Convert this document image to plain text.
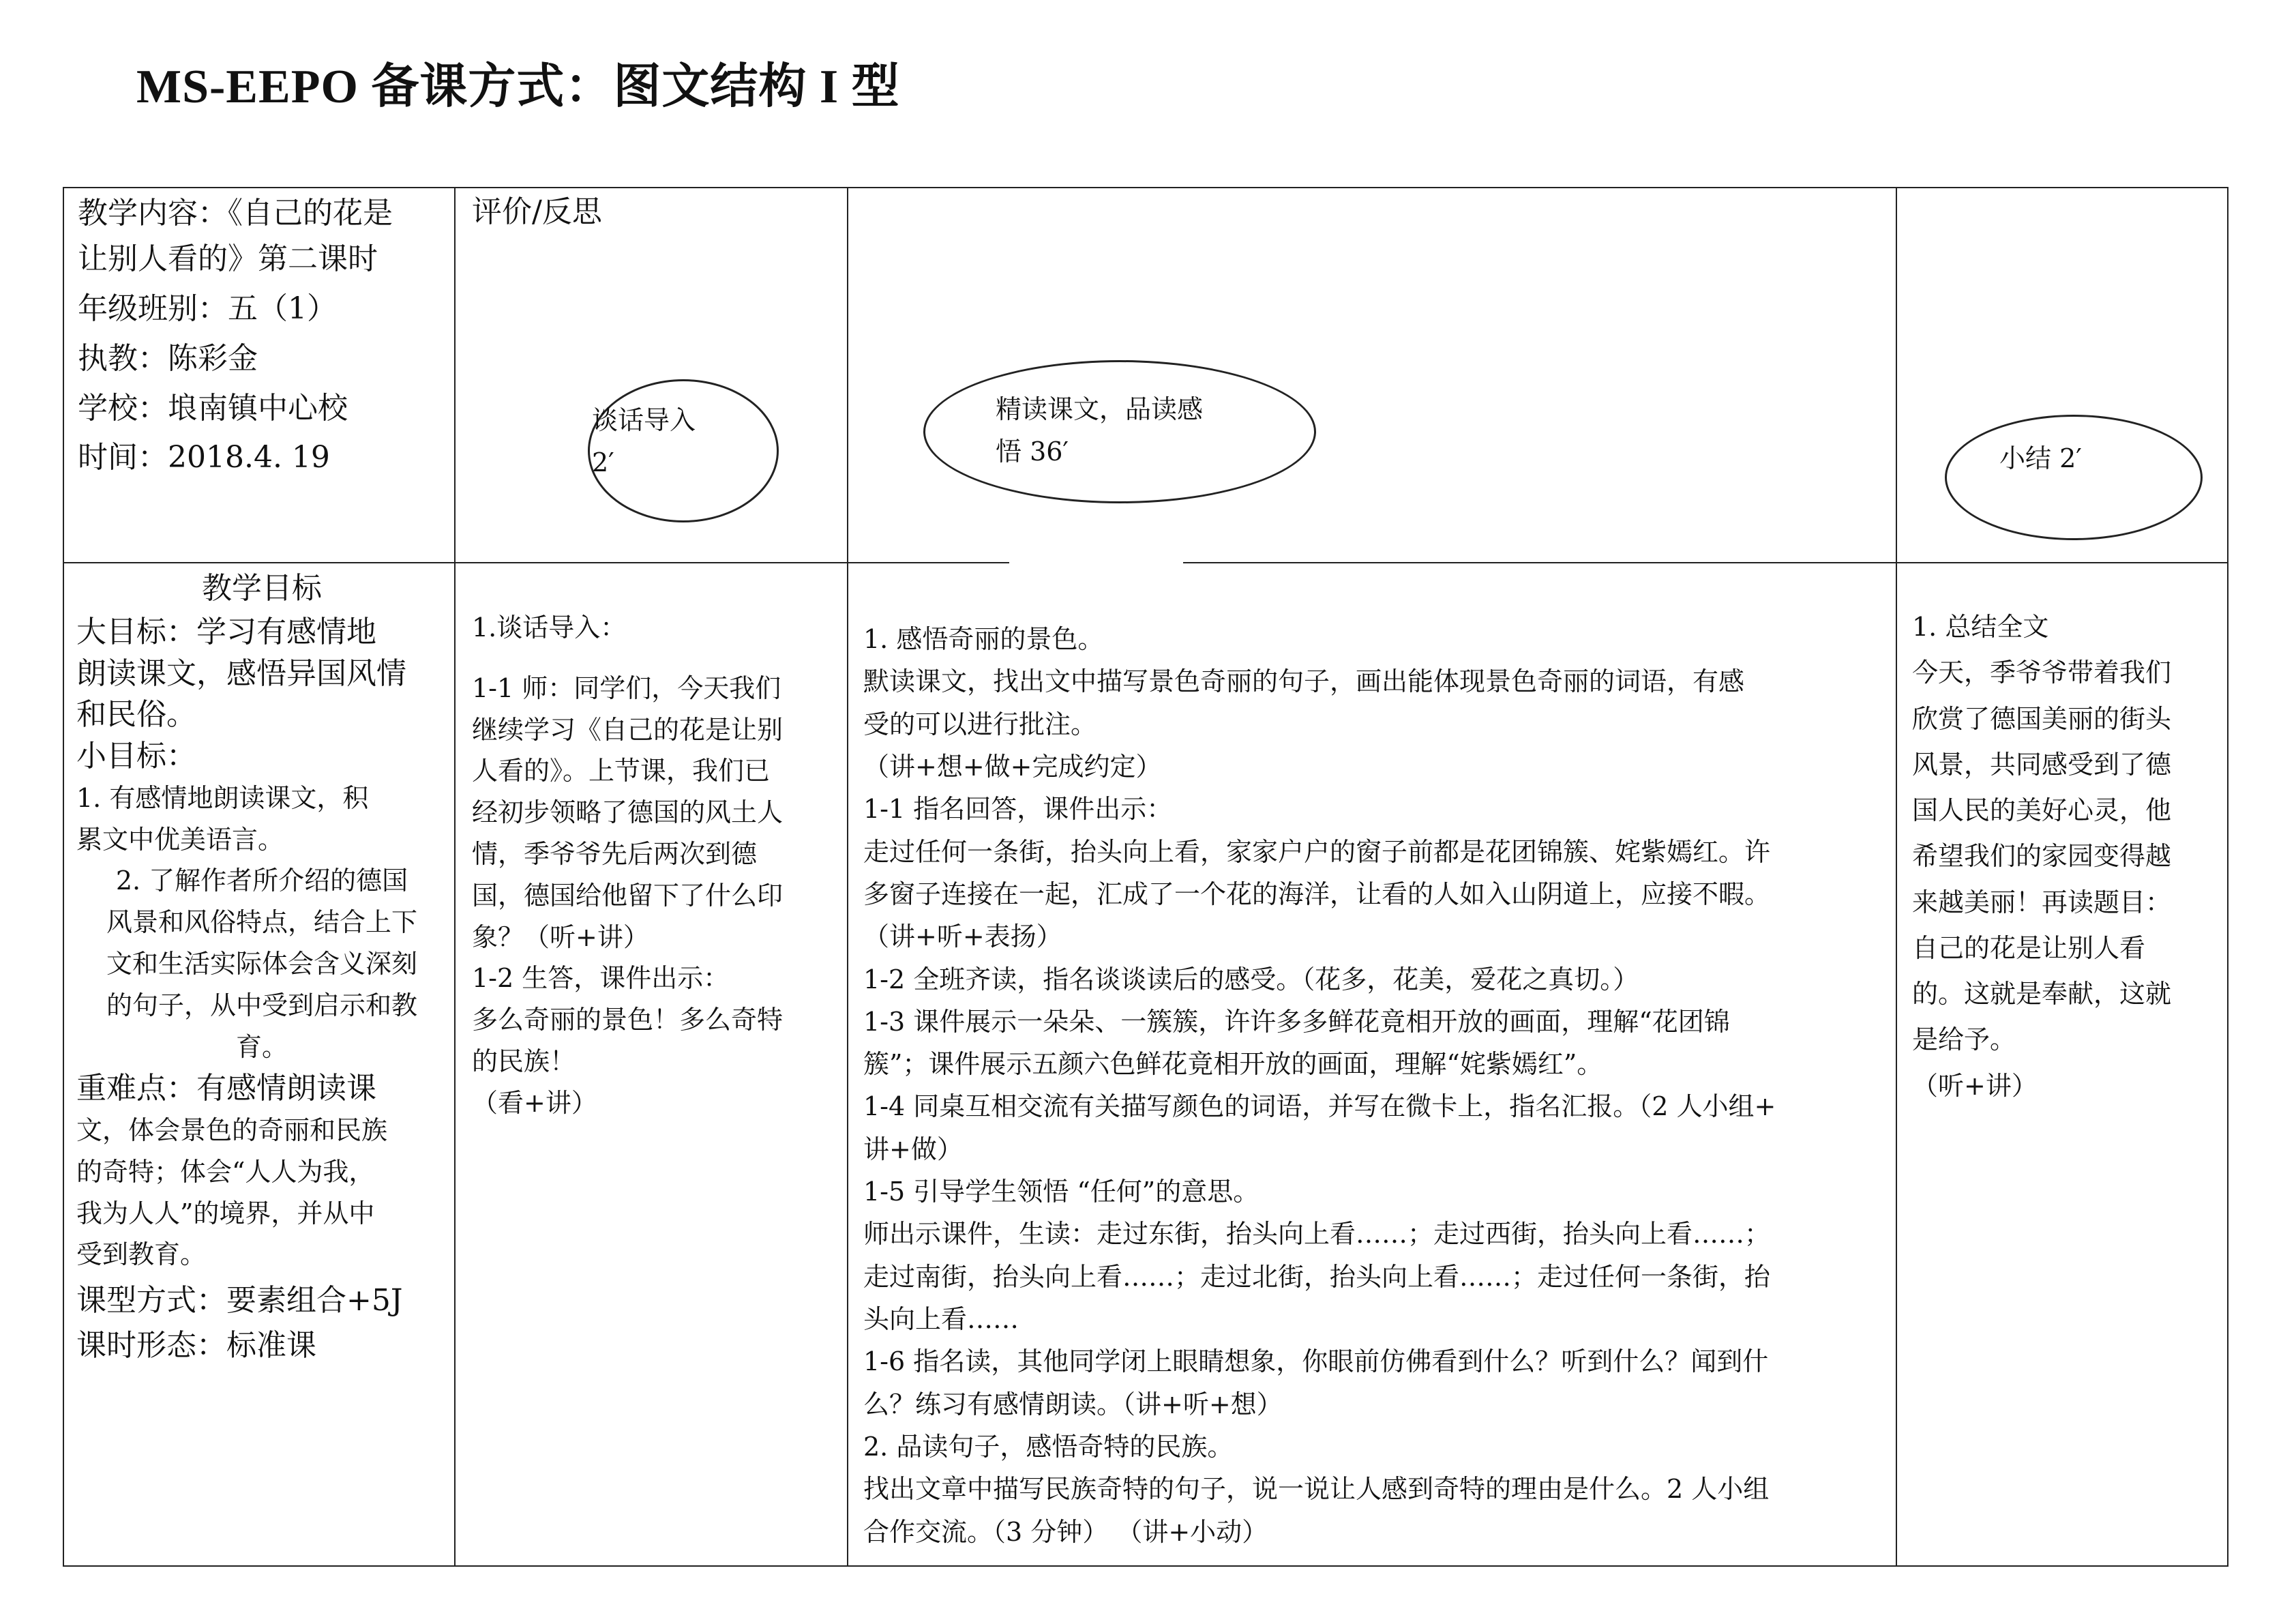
MS-EEPO 备课方式：图文结构 I 型

教学内容：《自己的花是

让别人看的》第二课时

年级班别：五（1）

执教：陈彩金

学校：埌南镇中心校

时间：2018.4. 19

评价/反思
谈话导入
2′
精读课文，品读感
悟 36′	小结 2′

教学目标

大目标：学习有感情地

朗读课文，感悟异国风情

和民俗。

小目标：

1. 有感情地朗读课文，积

累文中优美语言。

2. 了解作者所介绍的德国

风景和风俗特点，结合上下

文和生活实际体会含义深刻

的句子，从中受到启示和教

育。

重难点：有感情朗读课

文，体会景色的奇丽和民族

的奇特；体会“人人为我，

我为人人”的境界，并从中

受到教育。

课型方式：要素组合+5J

课时形态：标准课

1.谈话导入：

1-1 师：同学们，今天我们

继续学习《自己的花是让别

人看的》。上节课，我们已

经初步领略了德国的风土人

情，季爷爷先后两次到德

国，德国给他留下了什么印

象？（听+讲）

1-2 生答，课件出示：

多么奇丽的景色！多么奇特

的民族！

（看+讲）

1. 感悟奇丽的景色。

默读课文，找出文中描写景色奇丽的句子，画出能体现景色奇丽的词语，有感

受的可以进行批注。

（讲+想+做+完成约定）

1-1 指名回答，课件出示：

走过任何一条街，抬头向上看，家家户户的窗子前都是花团锦簇、姹紫嫣红。许

多窗子连接在一起，汇成了一个花的海洋，让看的人如入山阴道上，应接不暇。

（讲+听+表扬）

1-2 全班齐读，指名谈谈读后的感受。（花多，花美，爱花之真切。）

1-3 课件展示一朵朵、一簇簇，许许多多鲜花竟相开放的画面，理解“花团锦

簇”；课件展示五颜六色鲜花竟相开放的画面，理解“姹紫嫣红”。

1-4 同桌互相交流有关描写颜色的词语，并写在微卡上，指名汇报。（2 人小组+

讲+做）

1-5 引导学生领悟 “任何”的意思。

师出示课件，生读：走过东街，抬头向上看……；走过西街，抬头向上看……；

走过南街，抬头向上看……；走过北街，抬头向上看……；走过任何一条街，抬

头向上看……

1-6 指名读，其他同学闭上眼睛想象，你眼前仿佛看到什么？听到什么？闻到什

么？练习有感情朗读。（讲+听+想）

2. 品读句子，感悟奇特的民族。

找出文章中描写民族奇特的句子，说一说让人感到奇特的理由是什么。2 人小组

合作交流。（3 分钟） （讲+小动）

1. 总结全文

今天，季爷爷带着我们

欣赏了德国美丽的街头

风景，共同感受到了德

国人民的美好心灵，他

希望我们的家园变得越

来越美丽！再读题目：

自己的花是让别人看

的。这就是奉献，这就

是给予。

（听+讲）
